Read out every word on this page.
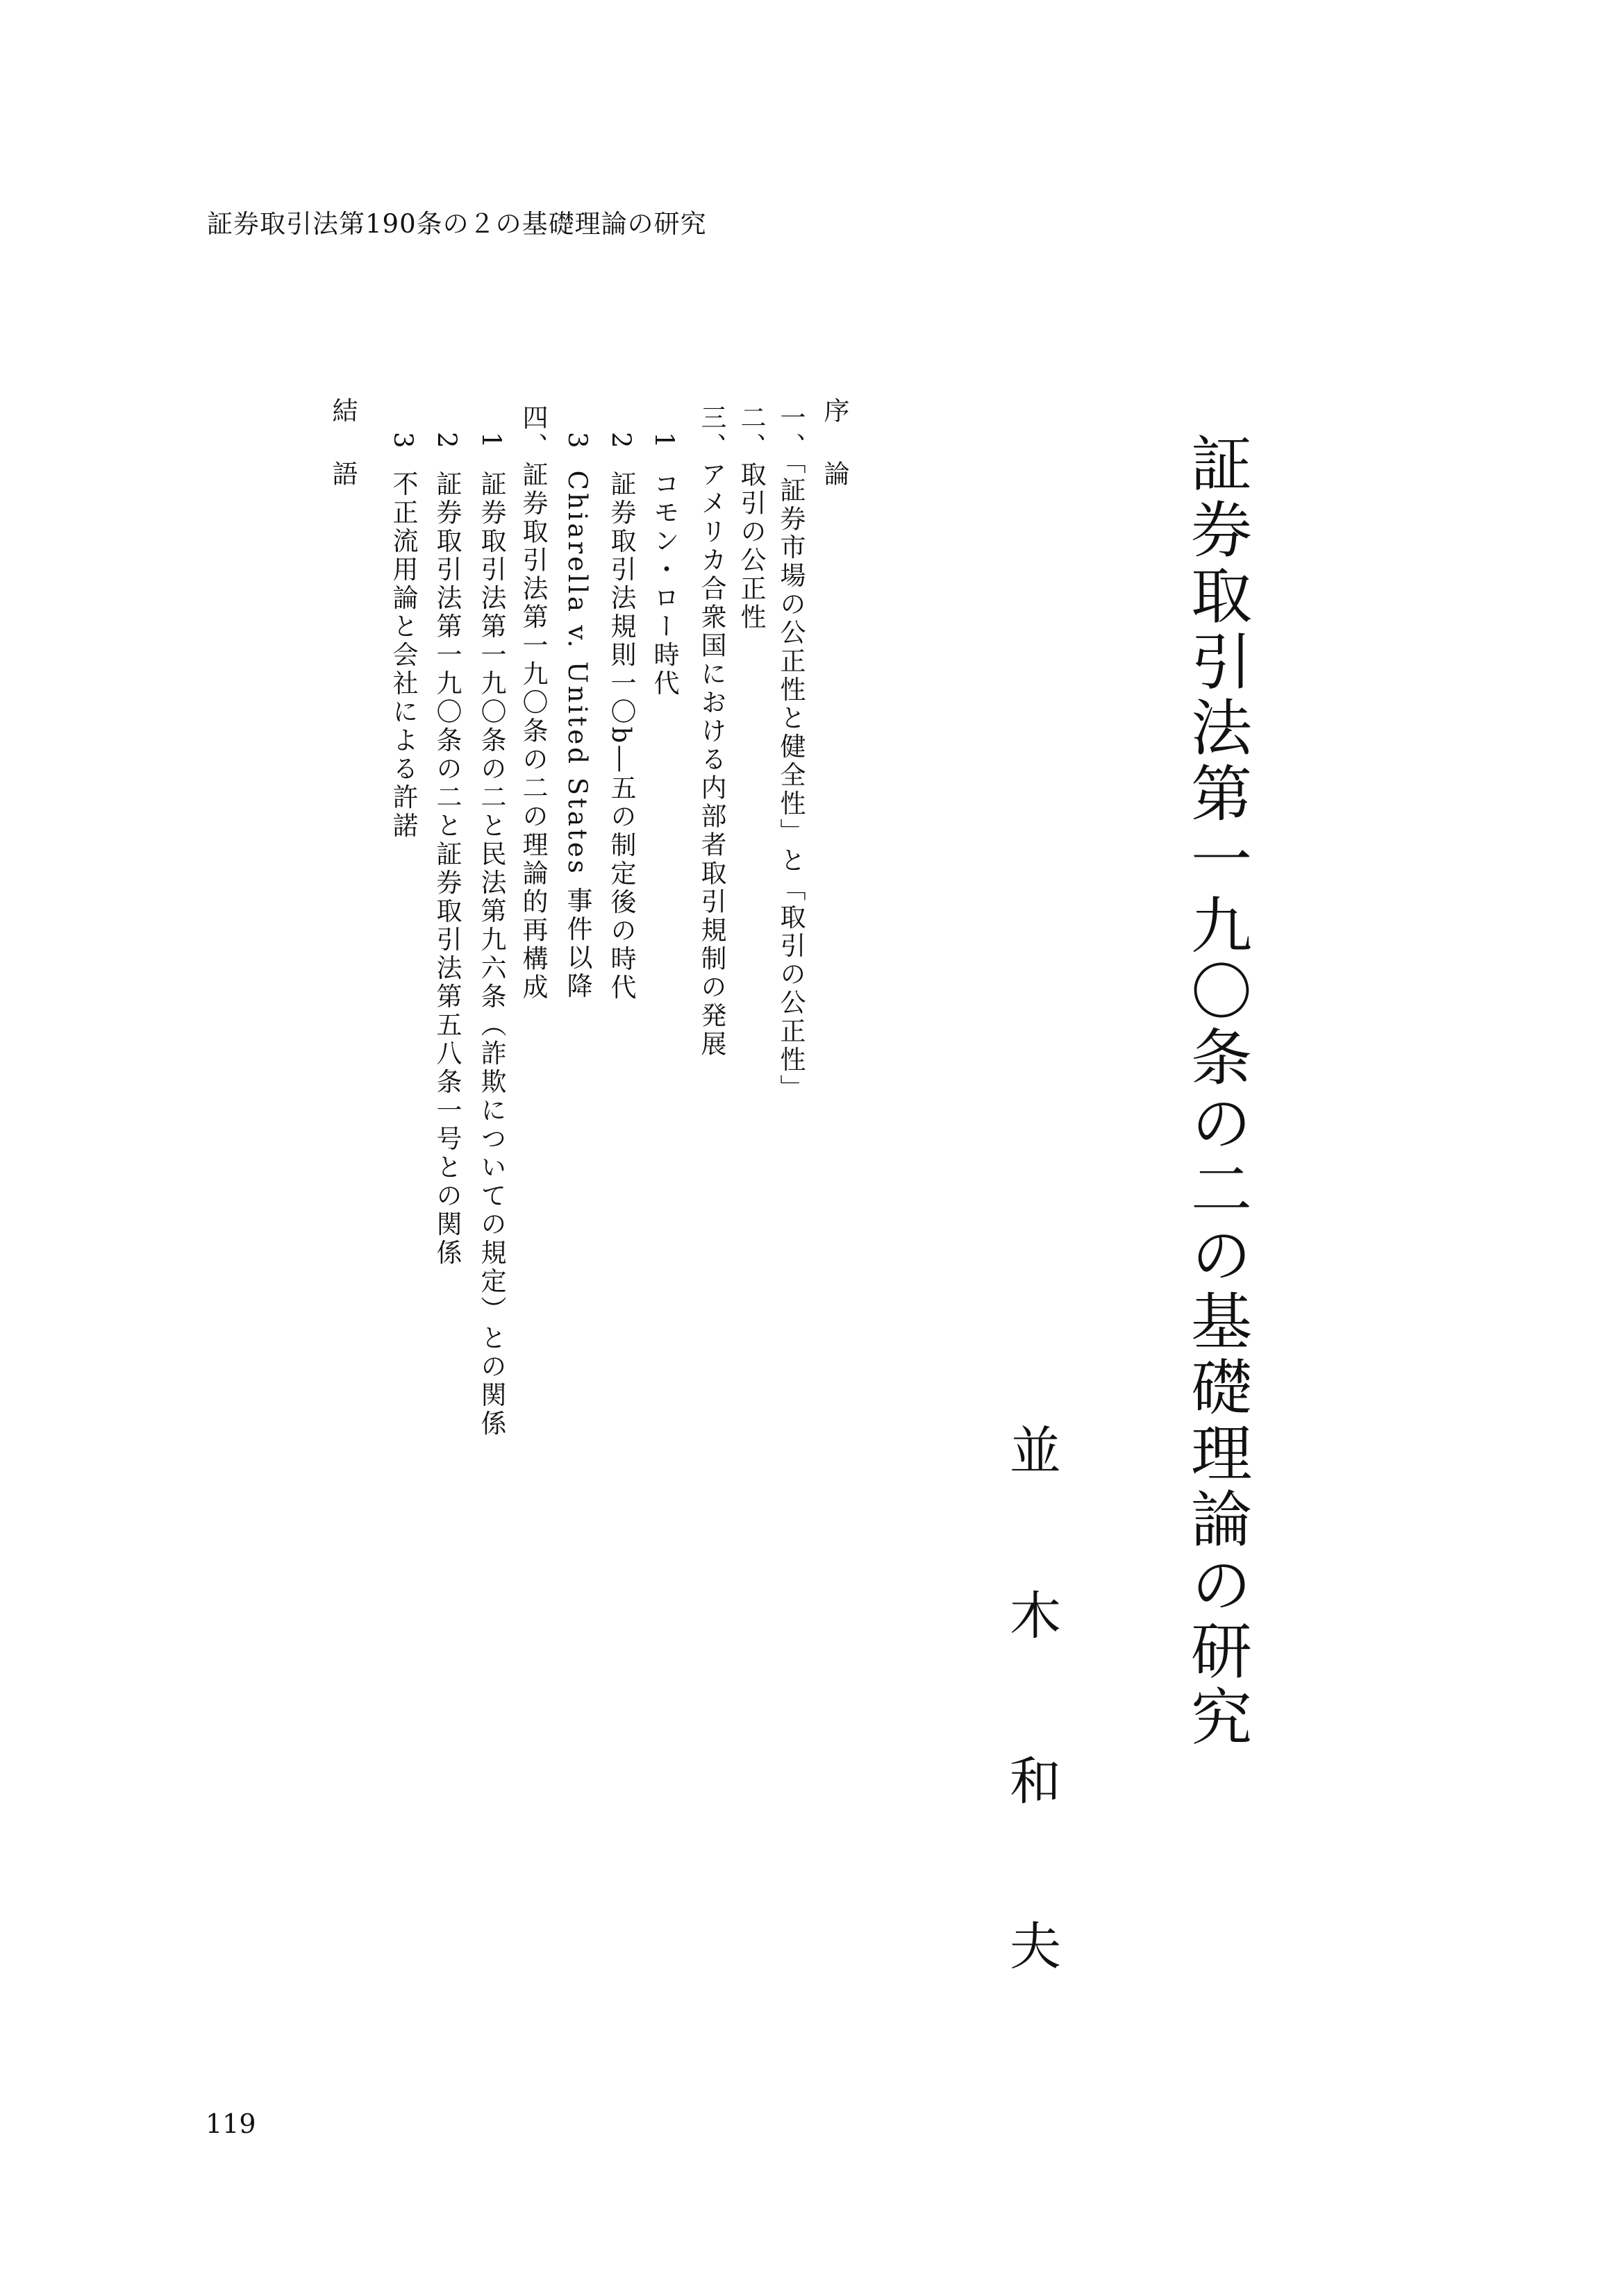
証券取引法第190条の２の基礎理論の研究
証券取引法第一九〇条の二の基礎理論の研究
並木和夫
序論
一、「証券市場の公正性と健全性」と「取引の公正性」
二、取引の公正性
三、アメリカ合衆国における内部者取引規制の発展
1コモン・ロー時代
2証券取引法規則一〇b―五の制定後の時代
3Chiarella v. United States 事件以降
四、証券取引法第一九〇条の二の理論的再構成
1証券取引法第一九〇条の二と民法第九六条（詐欺についての規定）との関係
2証券取引法第一九〇条の二と証券取引法第五八条一号との関係
3不正流用論と会社による許諾
結語
119
